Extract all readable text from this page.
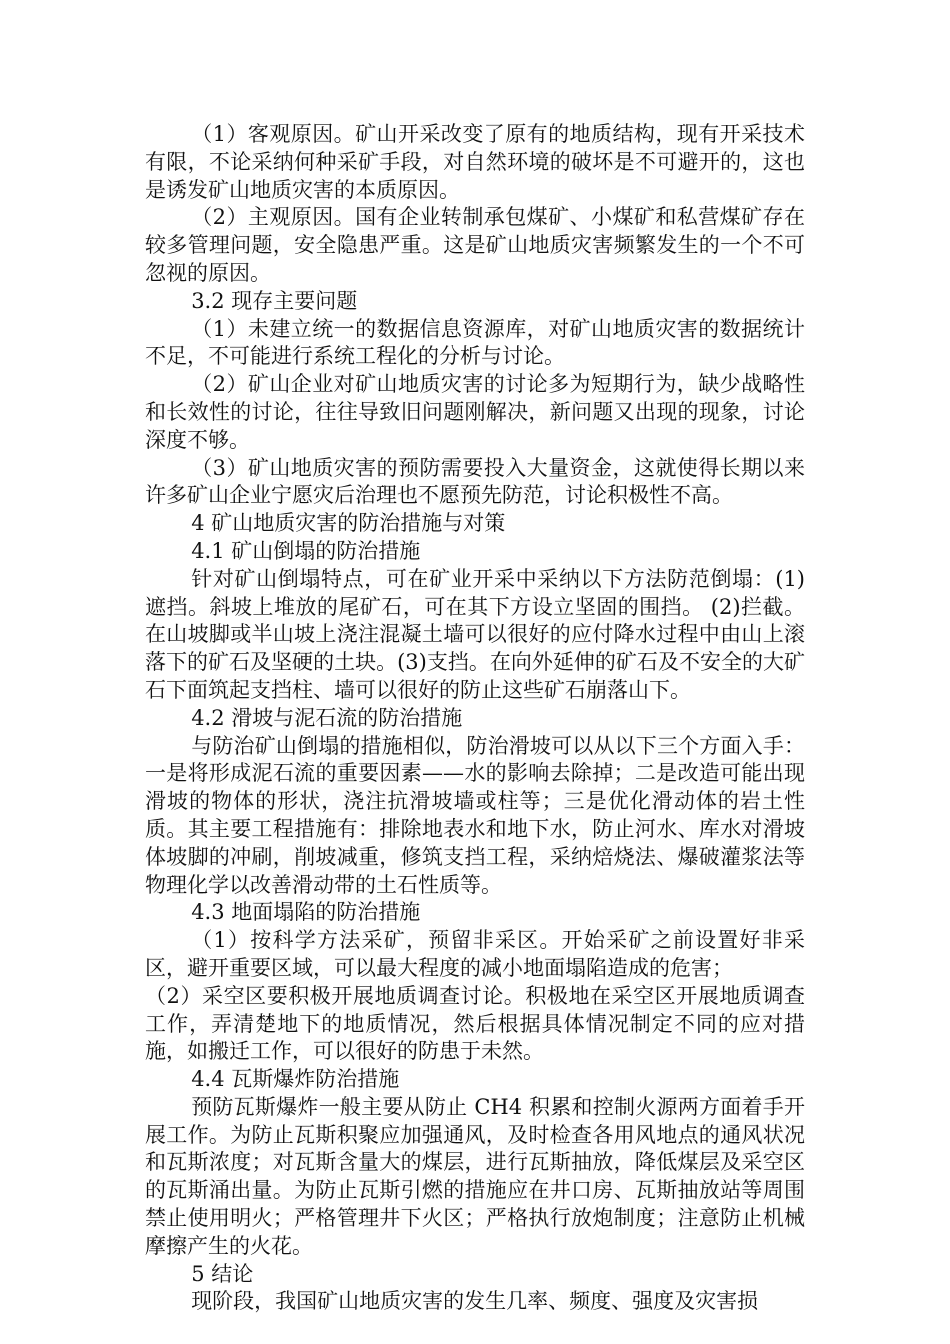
（1）客观原因。矿山开采改变了原有的地质结构，现有开采技术有限，不论采纳何种采矿手段，对自然环境的破坏是不可避开的，这也是诱发矿山地质灾害的本质原因。

（2）主观原因。国有企业转制承包煤矿、小煤矿和私营煤矿存在较多管理问题，安全隐患严重。这是矿山地质灾害频繁发生的一个不可忽视的原因。

3.2 现存主要问题

（1）未建立统一的数据信息资源库，对矿山地质灾害的数据统计不足，不可能进行系统工程化的分析与讨论。

（2）矿山企业对矿山地质灾害的讨论多为短期行为，缺少战略性和长效性的讨论，往往导致旧问题刚解决，新问题又出现的现象，讨论深度不够。

（3）矿山地质灾害的预防需要投入大量资金，这就使得长期以来许多矿山企业宁愿灾后治理也不愿预先防范，讨论积极性不高。

4 矿山地质灾害的防治措施与对策

4.1 矿山倒塌的防治措施

针对矿山倒塌特点，可在矿业开采中采纳以下方法防范倒塌：(1)遮挡。斜坡上堆放的尾矿石，可在其下方设立坚固的围挡。 (2)拦截。在山坡脚或半山坡上浇注混凝土墙可以很好的应付降水过程中由山上滚落下的矿石及坚硬的土块。(3)支挡。在向外延伸的矿石及不安全的大矿石下面筑起支挡柱、墙可以很好的防止这些矿石崩落山下。

4.2 滑坡与泥石流的防治措施

与防治矿山倒塌的措施相似，防治滑坡可以从以下三个方面入手：一是将形成泥石流的重要因素——水的影响去除掉；二是改造可能出现滑坡的物体的形状，浇注抗滑坡墙或柱等；三是优化滑动体的岩土性质。其主要工程措施有：排除地表水和地下水，防止河水、库水对滑坡体坡脚的冲刷，削坡减重，修筑支挡工程，采纳焙烧法、爆破灌浆法等物理化学以改善滑动带的土石性质等。

4.3 地面塌陷的防治措施

（1）按科学方法采矿，预留非采区。开始采矿之前设置好非采区，避开重要区域，可以最大程度的减小地面塌陷造成的危害；

（2）采空区要积极开展地质调查讨论。积极地在采空区开展地质调查工作，弄清楚地下的地质情况，然后根据具体情况制定不同的应对措施，如搬迁工作，可以很好的防患于未然。

4.4 瓦斯爆炸防治措施

预防瓦斯爆炸一般主要从防止 CH4 积累和控制火源两方面着手开展工作。为防止瓦斯积聚应加强通风，及时检查各用风地点的通风状况和瓦斯浓度；对瓦斯含量大的煤层，进行瓦斯抽放，降低煤层及采空区的瓦斯涌出量。为防止瓦斯引燃的措施应在井口房、瓦斯抽放站等周围禁止使用明火；严格管理井下火区；严格执行放炮制度；注意防止机械摩擦产生的火花。

5 结论

现阶段，我国矿山地质灾害的发生几率、频度、强度及灾害损
